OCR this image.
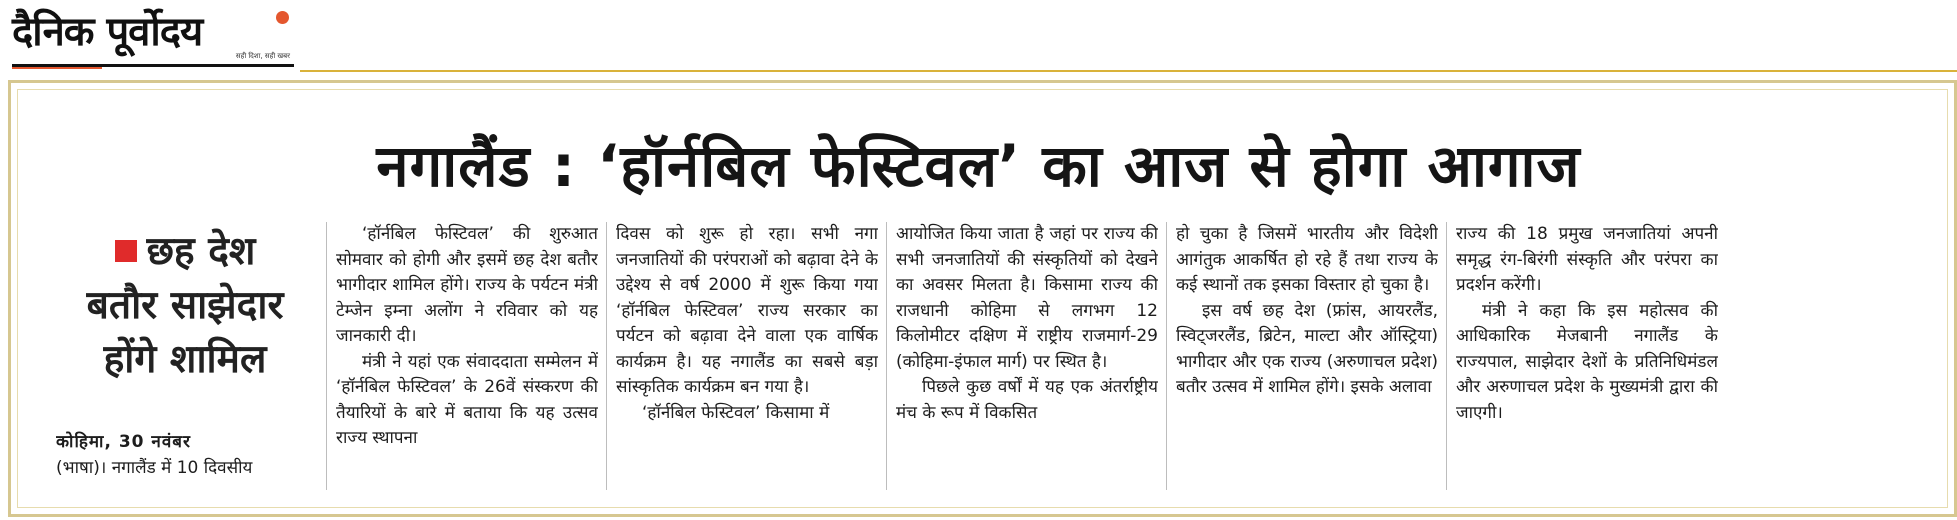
दैनिक पूर्वोदय
सही दिशा, सही खबर
नगालैंड : ‘हॉर्नबिल फेस्टिवल’ का आज से होगा आगाज
छह देश
बतौर साझेदार
होंगे शामिल

कोहिमा, 30 नवंबर

(भाषा)। नगालैंड में 10 दिवसीय

‘हॉर्नबिल फेस्टिवल’ की शुरुआत सोमवार को होगी और इसमें छह देश बतौर भागीदार शामिल होंगे। राज्य के पर्यटन मंत्री टेम्जेन इम्ना अलोंग ने रविवार को यह जानकारी दी।

मंत्री ने यहां एक संवाददाता सम्मेलन में ‘हॉर्नबिल फेस्टिवल’ के 26वें संस्करण की तैयारियों के बारे में बताया कि यह उत्सव राज्य स्थापना

दिवस को शुरू हो रहा। सभी नगा जनजातियों की परंपराओं को बढ़ावा देने के उद्देश्य से वर्ष 2000 में शुरू किया गया ‘हॉर्नबिल फेस्टिवल’ राज्य सरकार का पर्यटन को बढ़ावा देने वाला एक वार्षिक कार्यक्रम है। यह नगालैंड का सबसे बड़ा सांस्कृतिक कार्यक्रम बन गया है।

‘हॉर्नबिल फेस्टिवल’ किसामा में

आयोजित किया जाता है जहां पर राज्य की सभी जनजातियों की संस्कृतियों को देखने का अवसर मिलता है। किसामा राज्य की राजधानी कोहिमा से लगभग 12 किलोमीटर दक्षिण में राष्ट्रीय राजमार्ग-29 (कोहिमा-इंफाल मार्ग) पर स्थित है।

पिछले कुछ वर्षों में यह एक अंतर्राष्ट्रीय मंच के रूप में विकसित

हो चुका है जिसमें भारतीय और विदेशी आगंतुक आकर्षित हो रहे हैं तथा राज्य के कई स्थानों तक इसका विस्तार हो चुका है।

इस वर्ष छह देश (फ्रांस, आयरलैंड, स्विट्जरलैंड, ब्रिटेन, माल्टा और ऑस्ट्रिया) भागीदार और एक राज्य (अरुणाचल प्रदेश) बतौर उत्सव में शामिल होंगे। इसके अलावा

राज्य की 18 प्रमुख जनजातियां अपनी समृद्ध रंग-बिरंगी संस्कृति और परंपरा का प्रदर्शन करेंगी।

मंत्री ने कहा कि इस महोत्सव की आधिकारिक मेजबानी नगालैंड के राज्यपाल, साझेदार देशों के प्रतिनिधिमंडल और अरुणाचल प्रदेश के मुख्यमंत्री द्वारा की जाएगी।
